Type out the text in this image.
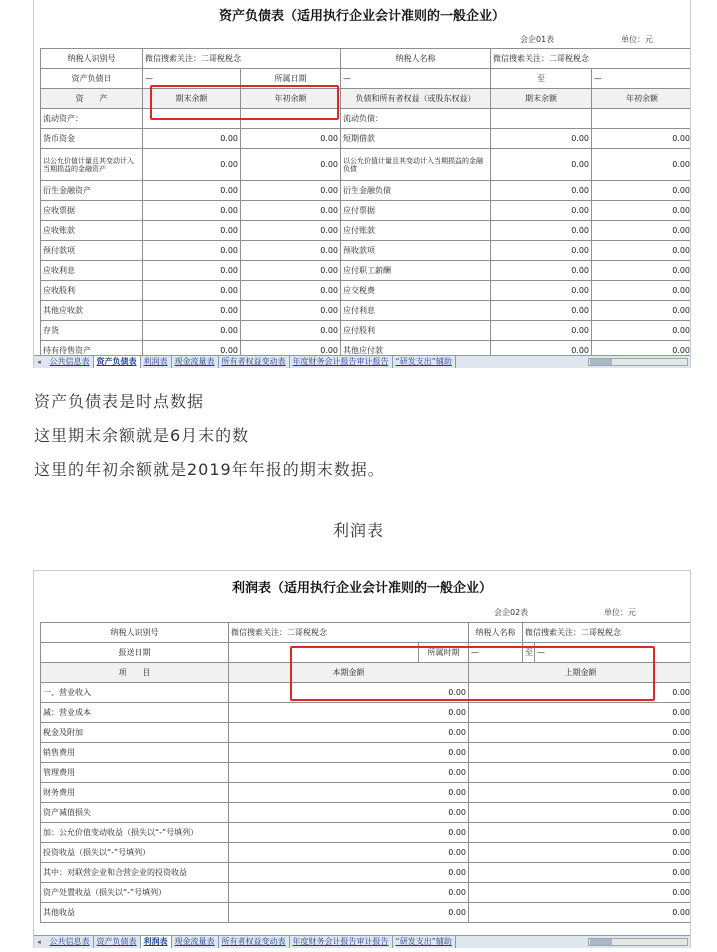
资产负债表（适用执行企业会计准则的一般企业）
会企01表	单位：元
纳税人识别号	微信搜索关注：二哥税税念		纳税人名称	微信搜索关注：二哥税税念	
资产负债日	—	所属日期	—	至	—
资　　产	期末余额	年初余额	负债和所有者权益（或股东权益）	期末余额	年初余额
流动资产：			流动负债：		
货币资金	0.00	0.00	短期借款	0.00	0.00
以公允价值计量且其变动计入当期损益的金融资产	0.00	0.00	以公允价值计量且其变动计入当期损益的金融负债	0.00	0.00
衍生金融资产	0.00	0.00	衍生金融负债	0.00	0.00
应收票据	0.00	0.00	应付票据	0.00	0.00
应收账款	0.00	0.00	应付账款	0.00	0.00
预付款项	0.00	0.00	预收款项	0.00	0.00
应收利息	0.00	0.00	应付职工薪酬	0.00	0.00
应收股利	0.00	0.00	应交税费	0.00	0.00
其他应收款	0.00	0.00	应付利息	0.00	0.00
存货	0.00	0.00	应付股利	0.00	0.00
持有待售资产	0.00	0.00	其他应付款	0.00	0.00
◂ 公共信息表 资产负债表 利润表 现金流量表 所有者权益变动表 年度财务会计报告审计报告 “研发支出”辅助
资产负债表是时点数据
这里期末余额就是6月末的数
这里的年初余额就是2019年年报的期末数据。
利润表
利润表（适用执行企业会计准则的一般企业）
会企02表	单位：元
纳税人识别号	微信搜索关注：二哥税税念		纳税人名称	微信搜索关注：二哥税税念	
报送日期		所属时期	—	至	—
项　　目	本期金额		上期金额		
一、营业收入	0.00		0.00		
减：营业成本	0.00		0.00		
税金及附加	0.00		0.00		
销售费用	0.00		0.00		
管理费用	0.00		0.00		
财务费用	0.00		0.00		
资产减值损失	0.00		0.00		
加：公允价值变动收益（损失以“-”号填列）	0.00		0.00		
投资收益（损失以“-”号填列）	0.00		0.00		
其中：对联营企业和合营企业的投资收益	0.00		0.00		
资产处置收益（损失以“-”号填列）	0.00		0.00		
其他收益	0.00		0.00		
◂ 公共信息表 资产负债表 利润表 现金流量表 所有者权益变动表 年度财务会计报告审计报告 “研发支出”辅助
